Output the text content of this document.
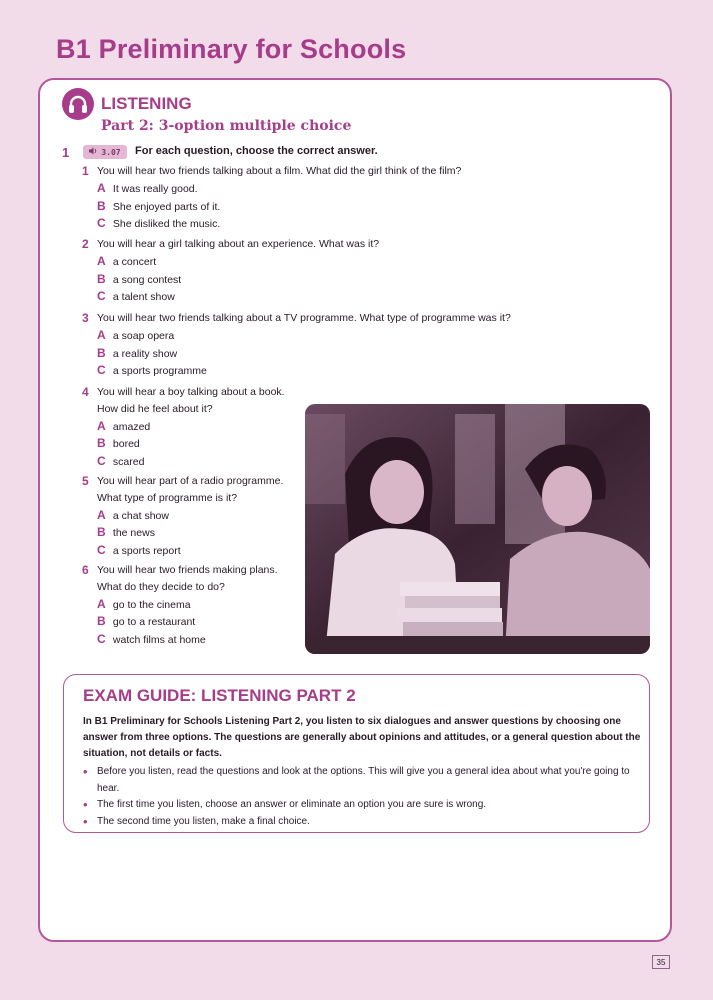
B1 Preliminary for Schools
LISTENING
Part 2: 3-option multiple choice
1	3.07 For each question, choose the correct answer.
1 You will hear two friends talking about a film. What did the girl think of the film?
A It was really good.
B She enjoyed parts of it.
C She disliked the music.
2 You will hear a girl talking about an experience. What was it?
A a concert
B a song contest
C a talent show
3 You will hear two friends talking about a TV programme. What type of programme was it?
A a soap opera
B a reality show
C a sports programme
4 You will hear a boy talking about a book.
How did he feel about it?
A amazed
B bored
C scared
5 You will hear part of a radio programme.
What type of programme is it?
A a chat show
B the news
C a sports report
6 You will hear two friends making plans.
What do they decide to do?
A go to the cinema
B go to a restaurant
C watch films at home
EXAM GUIDE: LISTENING PART 2
In B1 Preliminary for Schools Listening Part 2, you listen to six dialogues and answer questions by choosing one answer from three options. The questions are generally about opinions and attitudes, or a general question about the situation, not details or facts.
• Before you listen, read the questions and look at the options. This will give you a general idea about what you're going to hear.
• The first time you listen, choose an answer or eliminate an option you are sure is wrong.
• The second time you listen, make a final choice.
35
